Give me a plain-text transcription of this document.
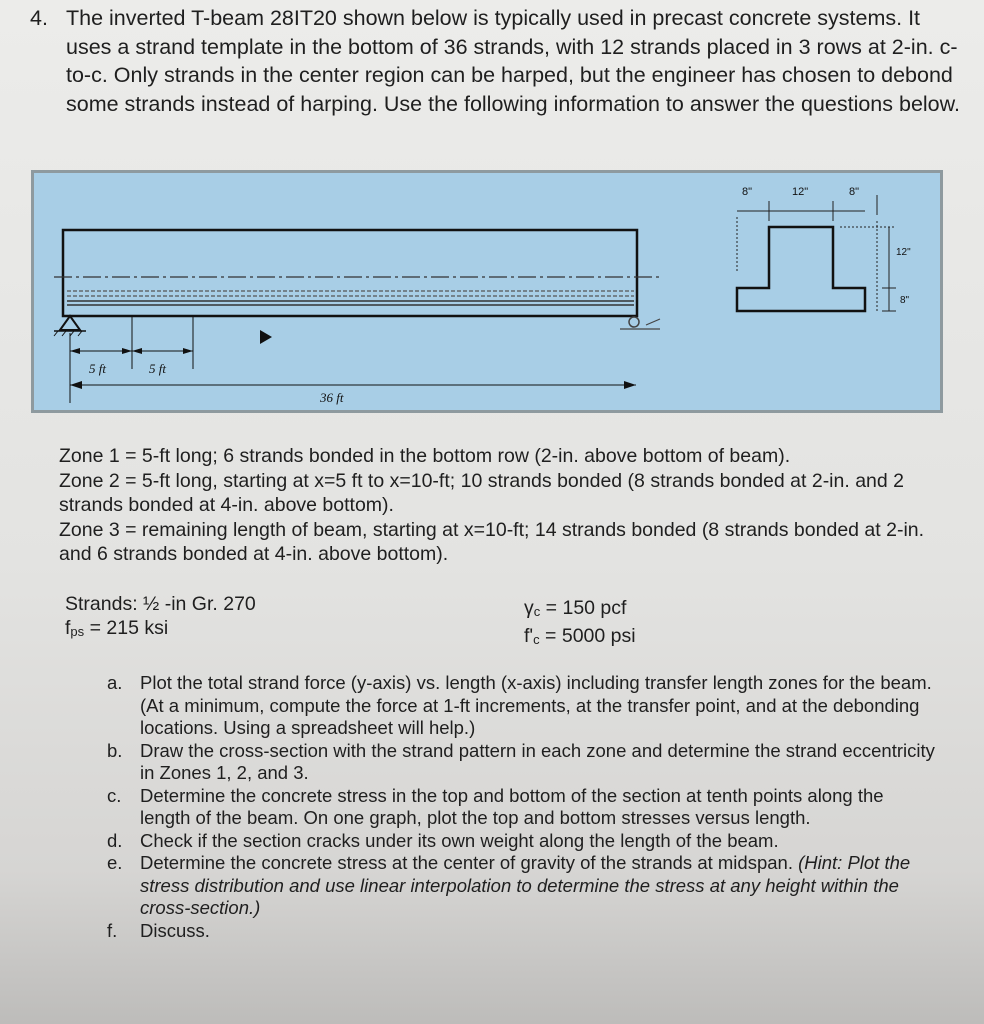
4. The inverted T-beam 28IT20 shown below is typically used in precast concrete systems. It uses a strand template in the bottom of 36 strands, with 12 strands placed in 3 rows at 2-in. c-to-c. Only strands in the center region can be harped, but the engineer has chosen to debond some strands instead of harping. Use the following information to answer the questions below.
5 ft	5 ft
36 ft
8"	12"	8"
12"
8"
Zone 1 = 5-ft long; 6 strands bonded in the bottom row (2-in. above bottom of beam).
Zone 2 = 5-ft long, starting at x=5 ft to x=10-ft; 10 strands bonded (8 strands bonded at 2-in. and 2 strands bonded at 4-in. above bottom).
Zone 3 = remaining length of beam, starting at x=10-ft; 14 strands bonded (8 strands bonded at 2-in. and 6 strands bonded at 4-in. above bottom).
Strands: ½ -in Gr. 270
$f_{ps} = 215$ ksi
$\gamma_c = 150$ pcf
$f'_c = 5000$ psi
a. Plot the total strand force (y-axis) vs. length (x-axis) including transfer length zones for the beam. (At a minimum, compute the force at 1-ft increments, at the transfer point, and at the debonding locations. Using a spreadsheet will help.)
b. Draw the cross-section with the strand pattern in each zone and determine the strand eccentricity in Zones 1, 2, and 3.
c. Determine the concrete stress in the top and bottom of the section at tenth points along the length of the beam. On one graph, plot the top and bottom stresses versus length.
d. Check if the section cracks under its own weight along the length of the beam.
e. Determine the concrete stress at the center of gravity of the strands at midspan. (Hint: Plot the stress distribution and use linear interpolation to determine the stress at any height within the cross-section.)
f. Discuss.
